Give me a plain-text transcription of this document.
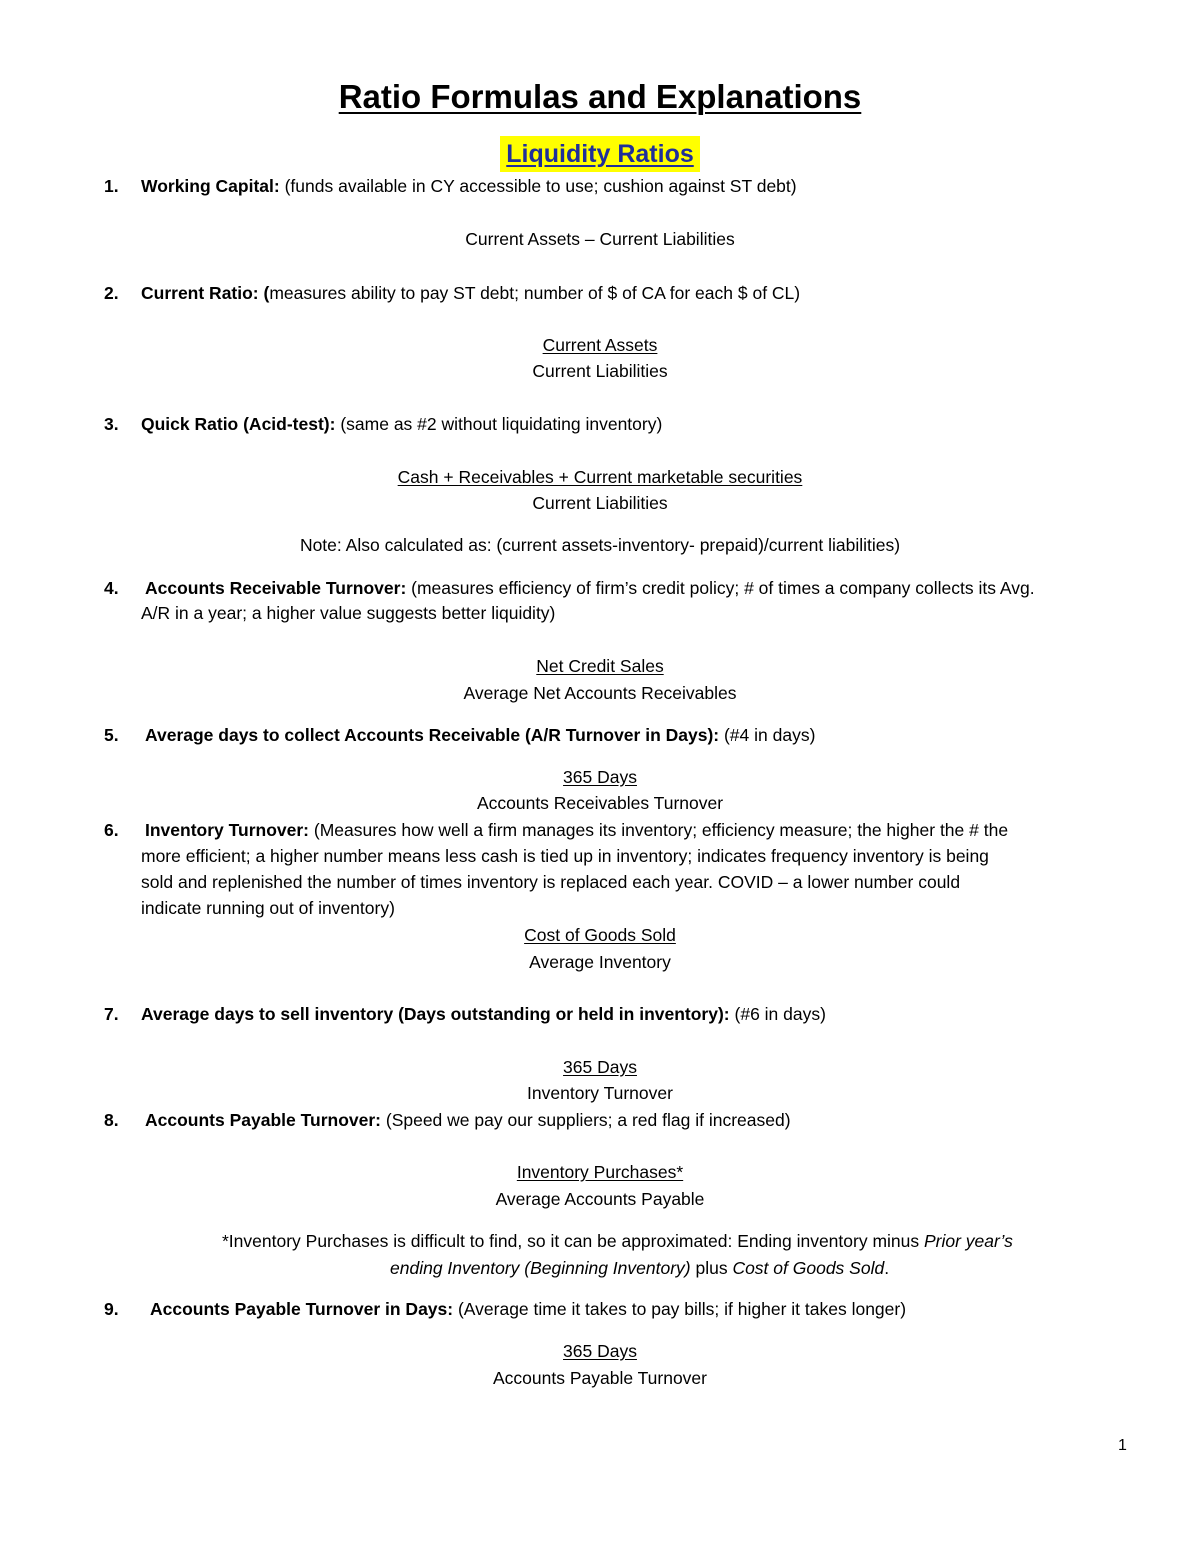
Ratio Formulas and Explanations
Liquidity Ratios
1. Working Capital: (funds available in CY accessible to use; cushion against ST debt)
Current Assets – Current Liabilities
2. Current Ratio: (measures ability to pay ST debt; number of $ of CA for each $ of CL)
Current Assets
Current Liabilities
3. Quick Ratio (Acid-test): (same as #2 without liquidating inventory)
Cash + Receivables + Current marketable securities
Current Liabilities
Note: Also calculated as: (current assets-inventory- prepaid)/current liabilities)
4. Accounts Receivable Turnover: (measures efficiency of firm’s credit policy; # of times a company collects its Avg.
A/R in a year; a higher value suggests better liquidity)
Net Credit Sales
Average Net Accounts Receivables
5. Average days to collect Accounts Receivable (A/R Turnover in Days): (#4 in days)
365 Days
Accounts Receivables Turnover
6. Inventory Turnover: (Measures how well a firm manages its inventory; efficiency measure; the higher the # the
more efficient; a higher number means less cash is tied up in inventory; indicates frequency inventory is being
sold and replenished the number of times inventory is replaced each year. COVID – a lower number could
indicate running out of inventory)
Cost of Goods Sold
Average Inventory
7. Average days to sell inventory (Days outstanding or held in inventory): (#6 in days)
365 Days
Inventory Turnover
8. Accounts Payable Turnover: (Speed we pay our suppliers; a red flag if increased)
Inventory Purchases*
Average Accounts Payable
*Inventory Purchases is difficult to find, so it can be approximated: Ending inventory minus Prior year’s
ending Inventory (Beginning Inventory) plus Cost of Goods Sold.
9. Accounts Payable Turnover in Days: (Average time it takes to pay bills; if higher it takes longer)
365 Days
Accounts Payable Turnover
1
